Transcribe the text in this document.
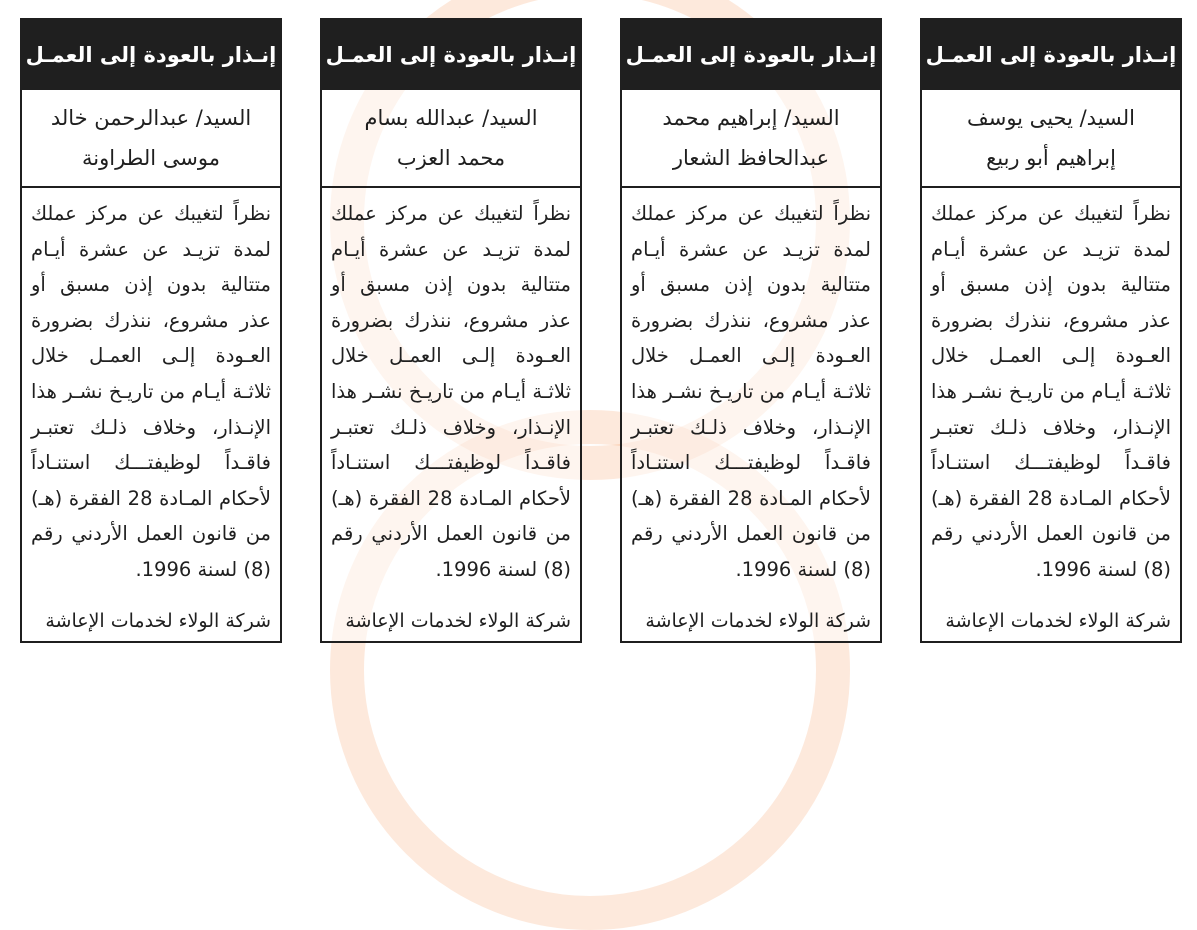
إنـذار بالعودة إلى العمـل
السيد/ عبدالرحمن خالد
موسى الطراونة
نظراً لتغيبك عن مركز عملك لمدة تزيـد عن عشرة أيـام متتالية بدون إذن مسبق أو عذر مشروع، ننذرك بضرورة العـودة إلـى العمـل خلال ثلاثـة أيـام من تاريـخ نشـر هذا الإنـذار، وخلاف ذلـك تعتبـر فاقـداً لوظيفتـــك استنـاداً لأحكام المـادة 28 الفقرة (هـ) من قانون العمل الأردني رقم (8) لسنة 1996.
شركة الولاء لخدمات الإعاشة
إنـذار بالعودة إلى العمـل
السيد/ عبدالله بسام
محمد العزب
نظراً لتغيبك عن مركز عملك لمدة تزيـد عن عشرة أيـام متتالية بدون إذن مسبق أو عذر مشروع، ننذرك بضرورة العـودة إلـى العمـل خلال ثلاثـة أيـام من تاريـخ نشـر هذا الإنـذار، وخلاف ذلـك تعتبـر فاقـداً لوظيفتـــك استنـاداً لأحكام المـادة 28 الفقرة (هـ) من قانون العمل الأردني رقم (8) لسنة 1996.
شركة الولاء لخدمات الإعاشة
إنـذار بالعودة إلى العمـل
السيد/ إبراهيم محمد
عبدالحافظ الشعار
نظراً لتغيبك عن مركز عملك لمدة تزيـد عن عشرة أيـام متتالية بدون إذن مسبق أو عذر مشروع، ننذرك بضرورة العـودة إلـى العمـل خلال ثلاثـة أيـام من تاريـخ نشـر هذا الإنـذار، وخلاف ذلـك تعتبـر فاقـداً لوظيفتـــك استنـاداً لأحكام المـادة 28 الفقرة (هـ) من قانون العمل الأردني رقم (8) لسنة 1996.
شركة الولاء لخدمات الإعاشة
إنـذار بالعودة إلى العمـل
السيد/ يحيى يوسف
إبراهيم أبو ربيع
نظراً لتغيبك عن مركز عملك لمدة تزيـد عن عشرة أيـام متتالية بدون إذن مسبق أو عذر مشروع، ننذرك بضرورة العـودة إلـى العمـل خلال ثلاثـة أيـام من تاريـخ نشـر هذا الإنـذار، وخلاف ذلـك تعتبـر فاقـداً لوظيفتـــك استنـاداً لأحكام المـادة 28 الفقرة (هـ) من قانون العمل الأردني رقم (8) لسنة 1996.
شركة الولاء لخدمات الإعاشة
